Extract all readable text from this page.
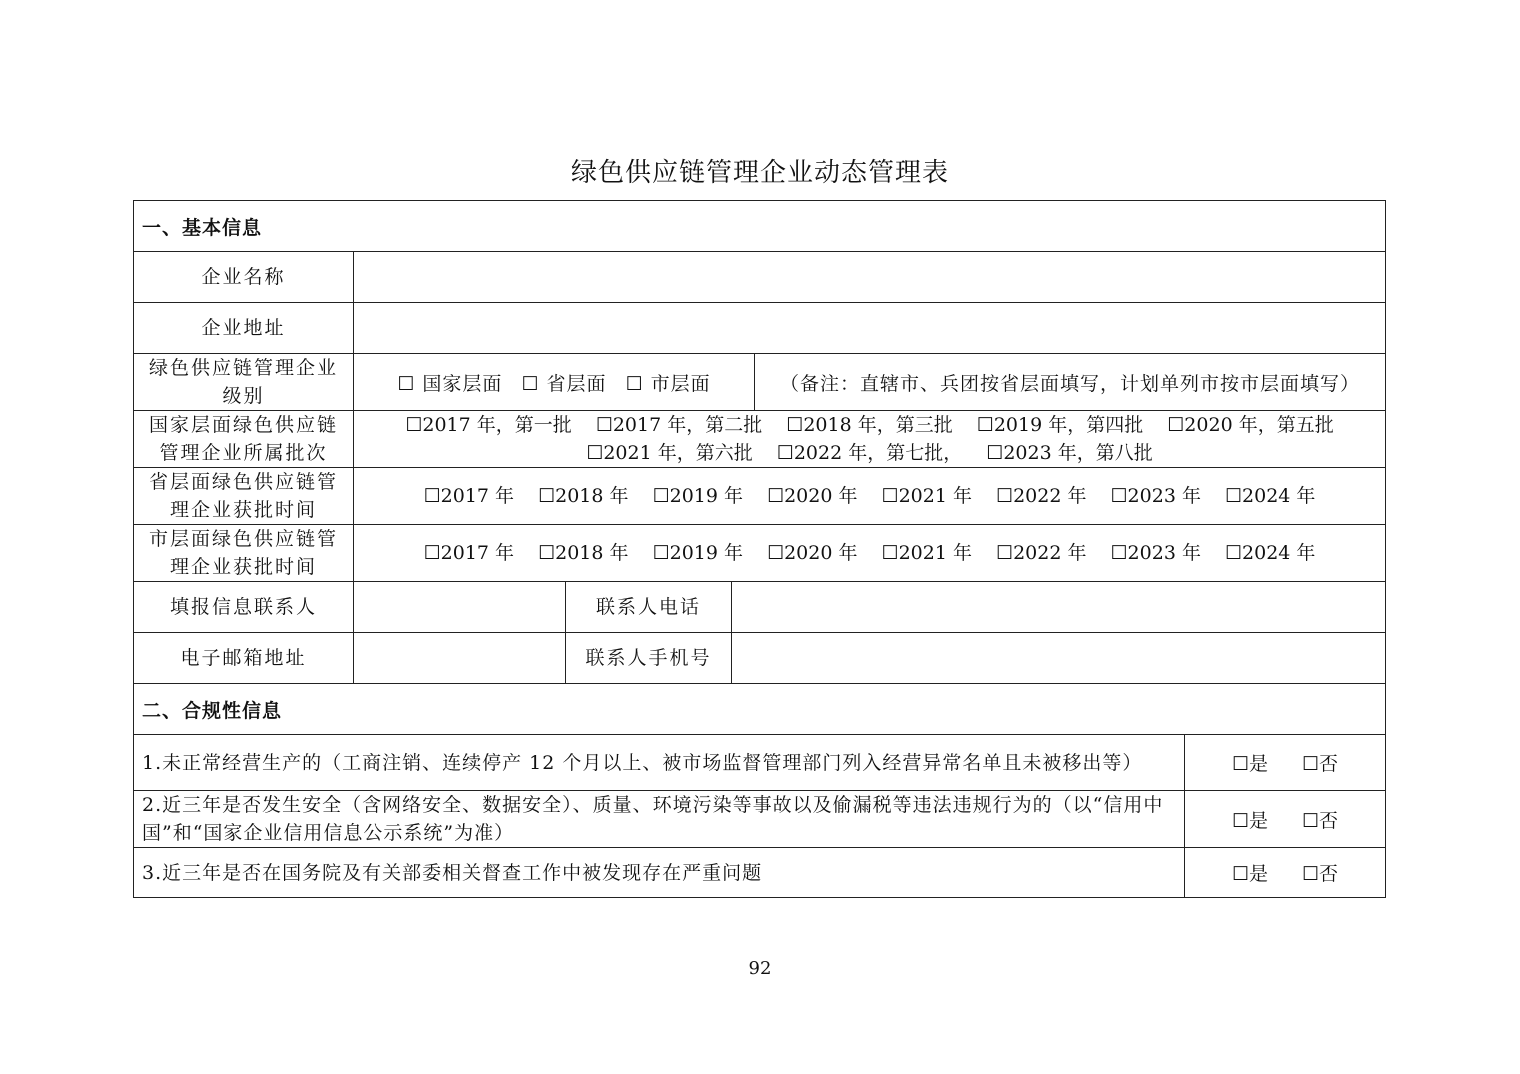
绿色供应链管理企业动态管理表
一、基本信息					
企业名称					
企业地址					
绿色供应链管理企业级别	☐ 国家层面 ☐ 省层面 ☐ 市层面			（备注：直辖市、兵团按省层面填写，计划单列市按市层面填写）	
国家层面绿色供应链管理企业所属批次	☐2017 年，第一批 ☐2017 年，第二批 ☐2018 年，第三批 ☐2019 年，第四批 ☐2020 年，第五批
☐2021 年，第六批 ☐2022 年，第七批， ☐2023 年，第八批				
省层面绿色供应链管理企业获批时间	☐2017 年 ☐2018 年 ☐2019 年 ☐2020 年 ☐2021 年 ☐2022 年 ☐2023 年 ☐2024 年				
市层面绿色供应链管理企业获批时间	☐2017 年 ☐2018 年 ☐2019 年 ☐2020 年 ☐2021 年 ☐2022 年 ☐2023 年 ☐2024 年				
填报信息联系人		联系人电话			
电子邮箱地址		联系人手机号			
二、合规性信息					
1.未正常经营生产的（工商注销、连续停产 12 个月以上、被市场监督管理部门列入经营异常名单且未被移出等）					☐是 ☐否
2.近三年是否发生安全（含网络安全、数据安全）、质量、环境污染等事故以及偷漏税等违法违规行为的（以“信用中国”和“国家企业信用信息公示系统”为准）					☐是 ☐否
3.近三年是否在国务院及有关部委相关督查工作中被发现存在严重问题					☐是 ☐否
92
